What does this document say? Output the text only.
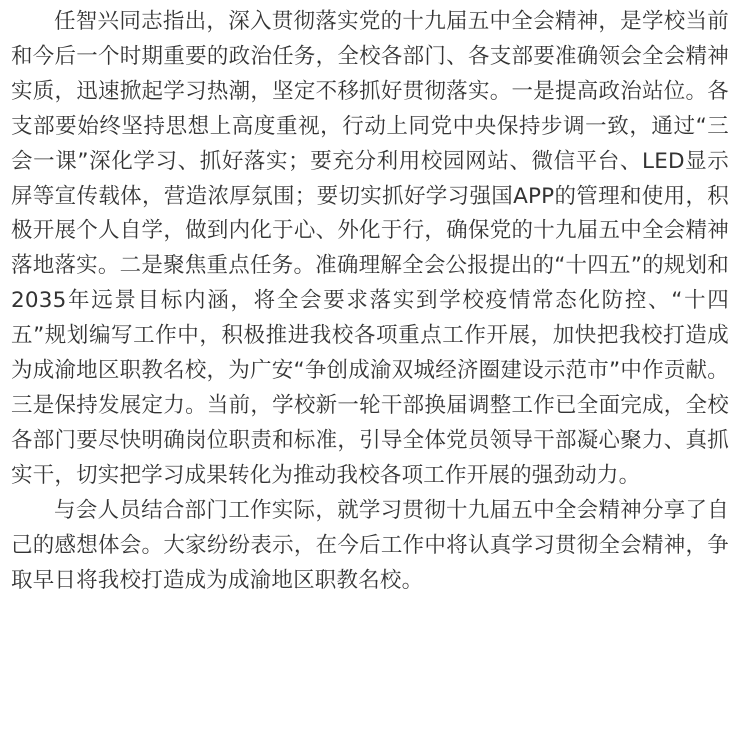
任智兴同志指出，深入贯彻落实党的十九届五中全会精神，是学校当前和今后一个时期重要的政治任务，全校各部门、各支部要准确领会全会精神实质，迅速掀起学习热潮，坚定不移抓好贯彻落实。一是提高政治站位。各支部要始终坚持思想上高度重视，行动上同党中央保持步调一致，通过“三会一课”深化学习、抓好落实；要充分利用校园网站、微信平台、LED显示屏等宣传载体，营造浓厚氛围；要切实抓好学习强国APP的管理和使用，积极开展个人自学，做到内化于心、外化于行，确保党的十九届五中全会精神落地落实。二是聚焦重点任务。准确理解全会公报提出的“十四五”的规划和2035年远景目标内涵，将全会要求落实到学校疫情常态化防控、“十四五”规划编写工作中，积极推进我校各项重点工作开展，加快把我校打造成为成渝地区职教名校，为广安“争创成渝双城经济圈建设示范市”中作贡献。三是保持发展定力。当前，学校新一轮干部换届调整工作已全面完成，全校各部门要尽快明确岗位职责和标准，引导全体党员领导干部凝心聚力、真抓实干，切实把学习成果转化为推动我校各项工作开展的强劲动力。

与会人员结合部门工作实际，就学习贯彻十九届五中全会精神分享了自己的感想体会。大家纷纷表示，在今后工作中将认真学习贯彻全会精神，争取早日将我校打造成为成渝地区职教名校。
